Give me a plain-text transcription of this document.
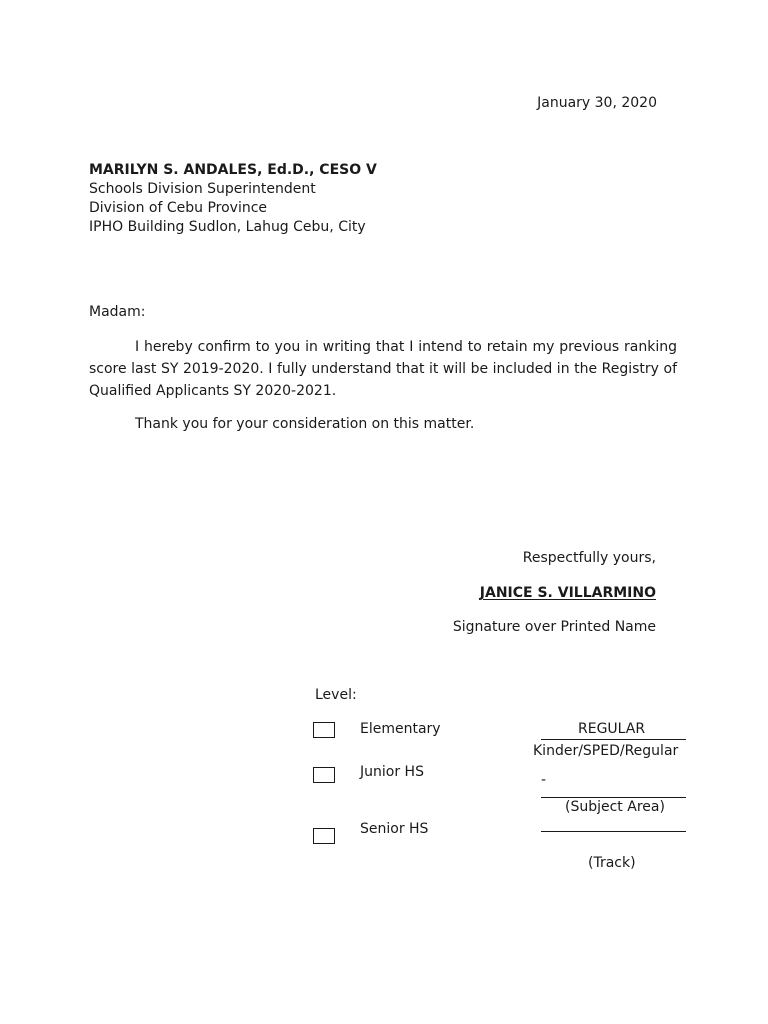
January 30, 2020
MARILYN S. ANDALES, Ed.D., CESO V
Schools Division Superintendent
Division of Cebu Province
IPHO Building Sudlon, Lahug Cebu, City
Madam:
I hereby confirm to you in writing that I intend to retain my previous ranking score last SY 2019-2020. I fully understand that it will be included in the Registry of Qualified Applicants SY 2020-2021.
Thank you for your consideration on this matter.
Respectfully yours,
JANICE S. VILLARMINO
Signature over Printed Name
Level:
Elementary
Junior HS
Senior HS
REGULAR
Kinder/SPED/Regular
-
(Subject Area)
(Track)
